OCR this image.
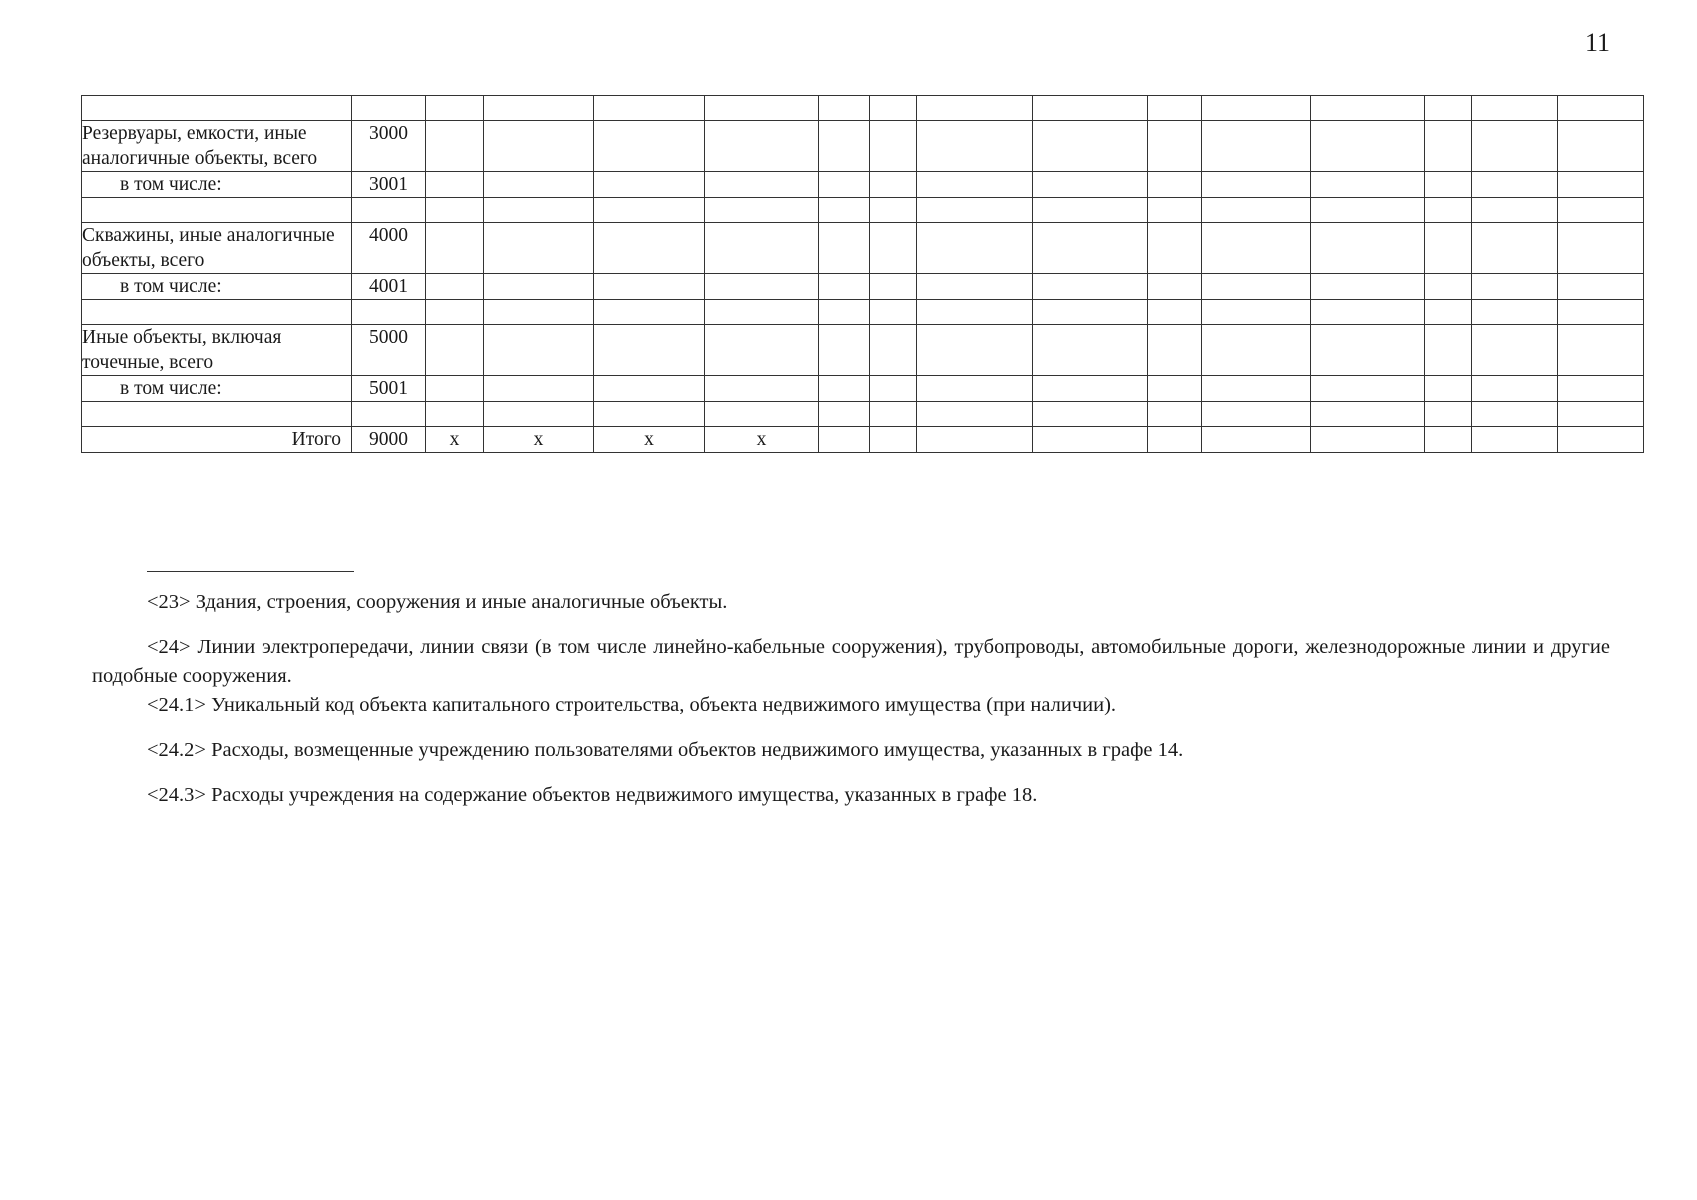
11

Резервуары, емкости, иные аналогичные объекты, всего	3000														
в том числе:	3001														

Скважины, иные аналогичные объекты, всего	4000														
в том числе:	4001														

Иные объекты, включая точечные, всего	5000														
в том числе:	5001														

Итого	9000	x	x	x	x										

<23> Здания, строения, сооружения и иные аналогичные объекты.

<24> Линии электропередачи, линии связи (в том числе линейно-кабельные сооружения), трубопроводы, автомобильные дороги, железнодорожные линии и другие подобные сооружения.

<24.1> Уникальный код объекта капитального строительства, объекта недвижимого имущества (при наличии).

<24.2> Расходы, возмещенные учреждению пользователями объектов недвижимого имущества, указанных в графе 14.

<24.3> Расходы учреждения на содержание объектов недвижимого имущества, указанных в графе 18.
